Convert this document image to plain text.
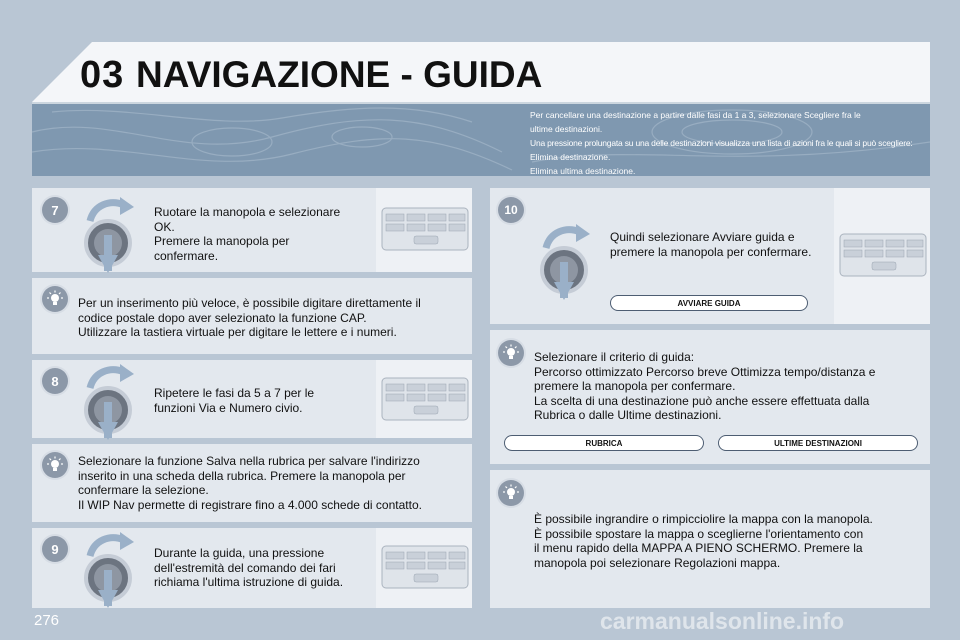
03 NAVIGAZIONE - GUIDA
Per cancellare una destinazione a partire dalle fasi da 1 a 3, selezionare Scegliere fra le
ultime destinazioni.
Una pressione prolungata su una delle destinazioni visualizza una lista di azioni fra le quali si può scegliere:
Elimina destinazione.
Elimina ultima destinazione.
7	Ruotare la manopola e selezionare
OK.
Premere la manopola per
confermare.
Per un inserimento più veloce, è possibile digitare direttamente il
codice postale dopo aver selezionato la funzione CAP.
Utilizzare la tastiera virtuale per digitare le lettere e i numeri.
8
Ripetere le fasi da 5 a 7 per le
funzioni Via e Numero civio.
Selezionare la funzione Salva nella rubrica per salvare l'indirizzo
inserito in una scheda della rubrica. Premere la manopola per
confermare la selezione.
Il WIP Nav permette di registrare fino a 4.000 schede di contatto.
9	Durante la guida, una pressione
dell'estremità del comando dei fari
richiama l'ultima istruzione di guida.
10
Quindi selezionare Avviare guida e
premere la manopola per confermare.
AVVIARE GUIDA
Selezionare il criterio di guida:
Percorso ottimizzato Percorso breve Ottimizza tempo/distanza e
premere la manopola per confermare.
La scelta di una destinazione può anche essere effettuata dalla
Rubrica o dalle Ultime destinazioni.
RUBRICA	ULTIME DESTINAZIONI
È possibile ingrandire o rimpicciolire la mappa con la manopola.
È possibile spostare la mappa o sceglierne l'orientamento con
il menu rapido della MAPPA A PIENO SCHERMO. Premere la
manopola poi selezionare Regolazioni mappa.
276	carmanualsonline.info
